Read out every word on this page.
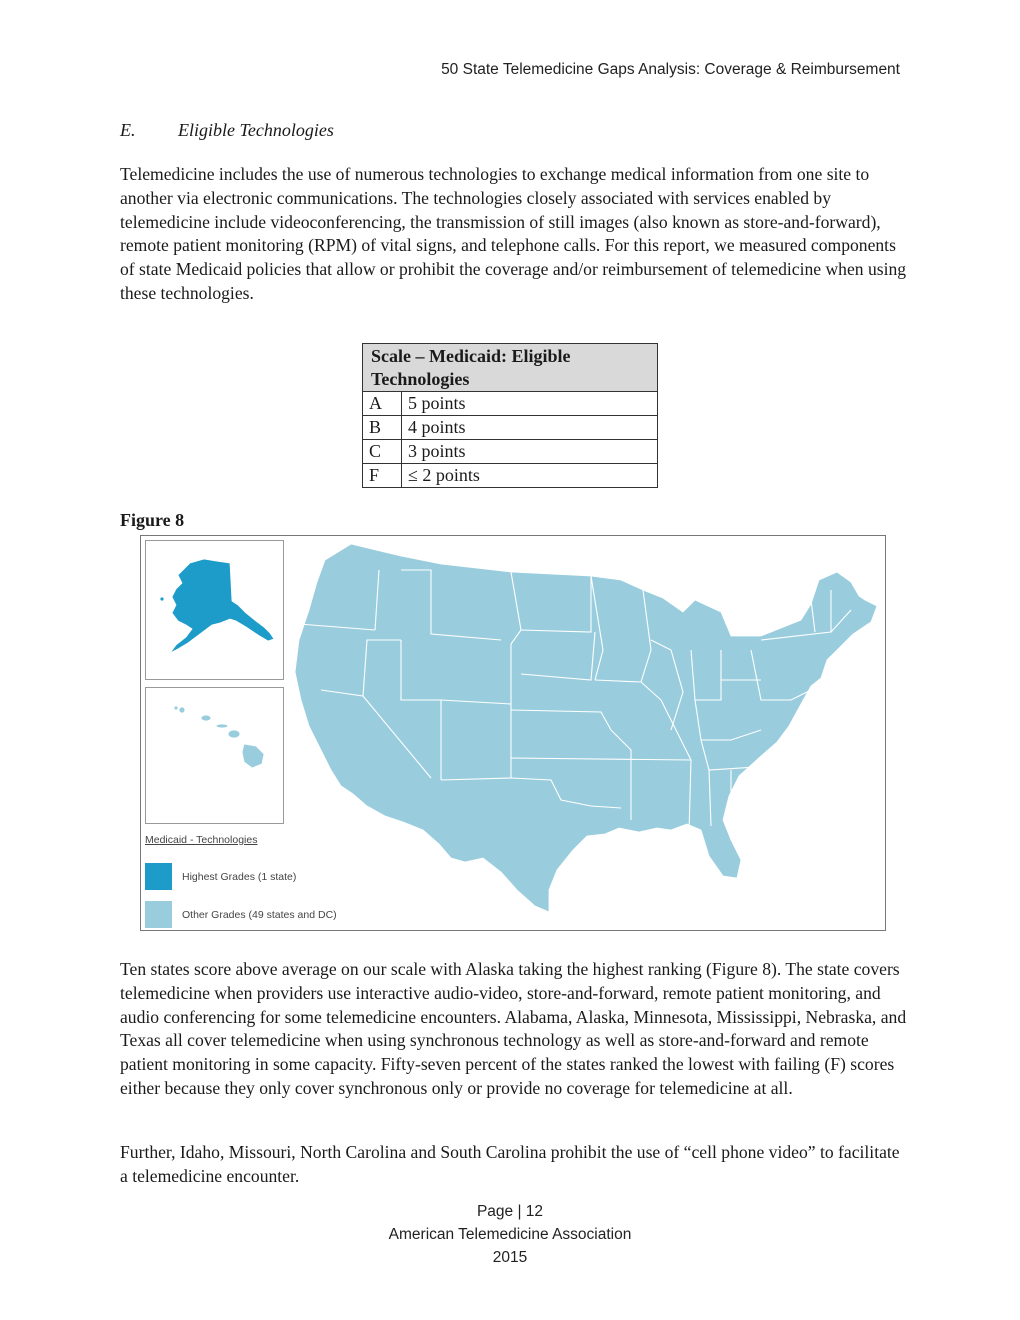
50 State Telemedicine Gaps Analysis: Coverage & Reimbursement
E. Eligible Technologies

Telemedicine includes the use of numerous technologies to exchange medical information from one site to another via electronic communications. The technologies closely associated with services enabled by telemedicine include videoconferencing, the transmission of still images (also known as store-and-forward), remote patient monitoring (RPM) of vital signs, and telephone calls. For this report, we measured components of state Medicaid policies that allow or prohibit the coverage and/or reimbursement of telemedicine when using these technologies.

Scale – Medicaid: Eligible Technologies	
A	5 points
B	4 points
C	3 points
F	≤ 2 points
Figure 8
Medicaid - Technologies
Highest Grades (1 state)
Other Grades (49 states and DC)

Ten states score above average on our scale with Alaska taking the highest ranking (Figure 8). The state covers telemedicine when providers use interactive audio-video, store-and-forward, remote patient monitoring, and audio conferencing for some telemedicine encounters. Alabama, Alaska, Minnesota, Mississippi, Nebraska, and Texas all cover telemedicine when using synchronous technology as well as store-and-forward and remote patient monitoring in some capacity. Fifty-seven percent of the states ranked the lowest with failing (F) scores either because they only cover synchronous only or provide no coverage for telemedicine at all.

Further, Idaho, Missouri, North Carolina and South Carolina prohibit the use of “cell phone video” to facilitate a telemedicine encounter.

Page | 12
American Telemedicine Association
2015
